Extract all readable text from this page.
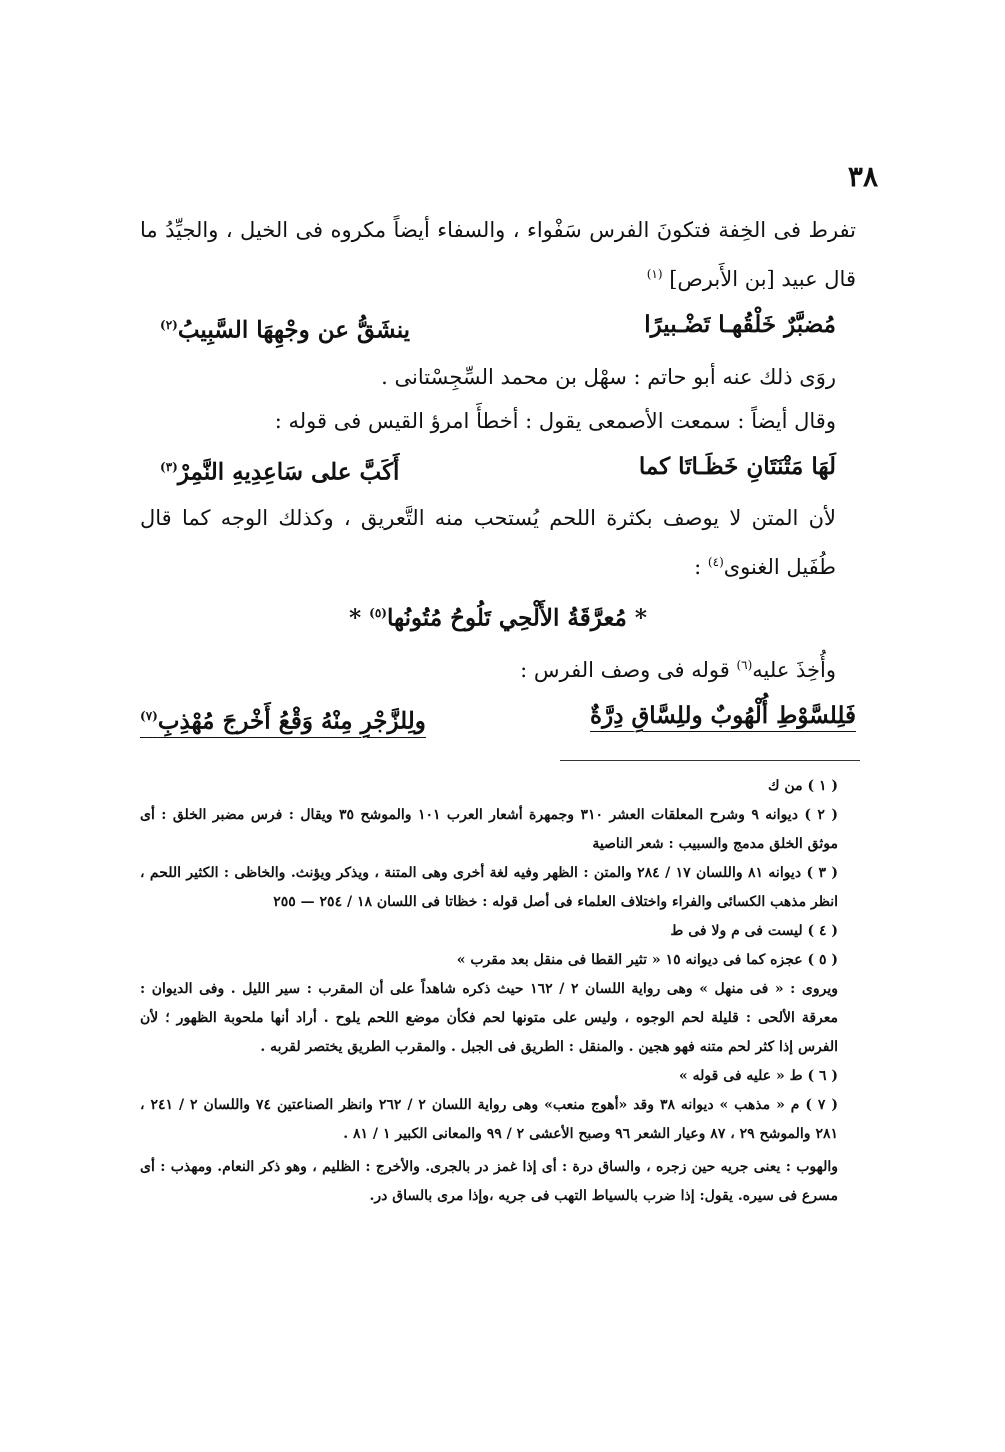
٣٨

تفرط فى الخِفة فتكونَ الفرس سَفْواء ، والسفاء أيضاً مكروه فى الخيل ، والجيِّدُ ما قال عبيد [بن الأَبرص] $^{(١)}$

مُضبَّرٌ خَلْقُهـا تَضْـبيرًا
ينشَقُّ عن وجْهِهَا السَّبِيبُ$^{(٢)}$

روَى ذلك عنه أبو حاتم : سهْل بن محمد السِّجِسْتانى .

وقال أيضاً : سمعت الأصمعى يقول : أخطأَ امرؤ القيس فى قوله :

لَهَا مَتْنَتَانِ خَظَـاتَا كما
أَكَبَّ على سَاعِدِيهِ النَّمِرْ$^{(٣)}$

لأن المتن لا يوصف بكثرة اللحم يُستحب منه التَّعريق ، وكذلك الوجه كما قال طُفَيل الغنوى$^{(٤)}$ :

* مُعرَّقَةُ الأَلْحِي تَلُوحُ مُتُونُها$^{(٥)}$ *

وأُخِذَ عليه$^{(٦)}$ قوله فى وصف الفرس :

فَلِلسَّوْطِ أُلْهُوبٌ وللِسَّاقِ دِرَّةٌ
ولِلزَّجْرِ مِنْهُ وَقْعُ أَخْرجَ مُهْذِبِ$^{(٧)}$

( ١ ) من ك

( ٢ ) ديوانه ٩ وشرح المعلقات العشر ٣١٠ وجمهرة أشعار العرب ١٠١ والموشح ٣٥ ويقال : فرس مضبر الخلق : أى موثق الخلق مدمج والسبيب : شعر الناصية

( ٣ ) ديوانه ٨١ واللسان ١٧ / ٢٨٤ والمتن : الظهر وفيه لغة أخرى وهى المتنة ، ويذكر ويؤنث. والخاظى : الكثير اللحم ، انظر مذهب الكسائى والفراء واختلاف العلماء فى أصل قوله : خظاتا فى اللسان ١٨ / ٢٥٤ — ٢٥٥

( ٤ ) ليست فى م ولا فى ط

( ٥ ) عجزه كما فى ديوانه ١٥ « تثير القطا فى منقل بعد مقرب »

ويروى : « فى منهل » وهى رواية اللسان ٢ / ١٦٢ حيث ذكره شاهداً على أن المقرب : سير الليل . وفى الديوان : معرقة الألحى : قليلة لحم الوجوه ، وليس على متونها لحم فكأن موضع اللحم يلوح . أراد أنها ملحوبة الظهور ؛ لأن الفرس إذا كثر لحم متنه فهو هجين . والمنقل : الطريق فى الجبل . والمقرب الطريق يختصر لقربه .

( ٦ ) ط « عليه فى قوله »

( ٧ ) م « مذهب » ديوانه ٣٨ وقد «أهوج منعب» وهى رواية اللسان ٢ / ٢٦٢ وانظر الصناعتين ٧٤ واللسان ٢ / ٢٤١ ، ٢٨١ والموشح ٢٩ ، ٨٧ وعيار الشعر ٩٦ وصبح الأعشى ٢ / ٩٩ والمعانى الكبير ١ / ٨١ .

والهوب : يعنى جريه حين زجره ، والساق درة : أى إذا غمز در بالجرى. والأخرج : الظليم ، وهو ذكر النعام. ومهذب : أى مسرع فى سيره. يقول: إذا ضرب بالسياط التهب فى جريه ،وإذا مرى بالساق در.
